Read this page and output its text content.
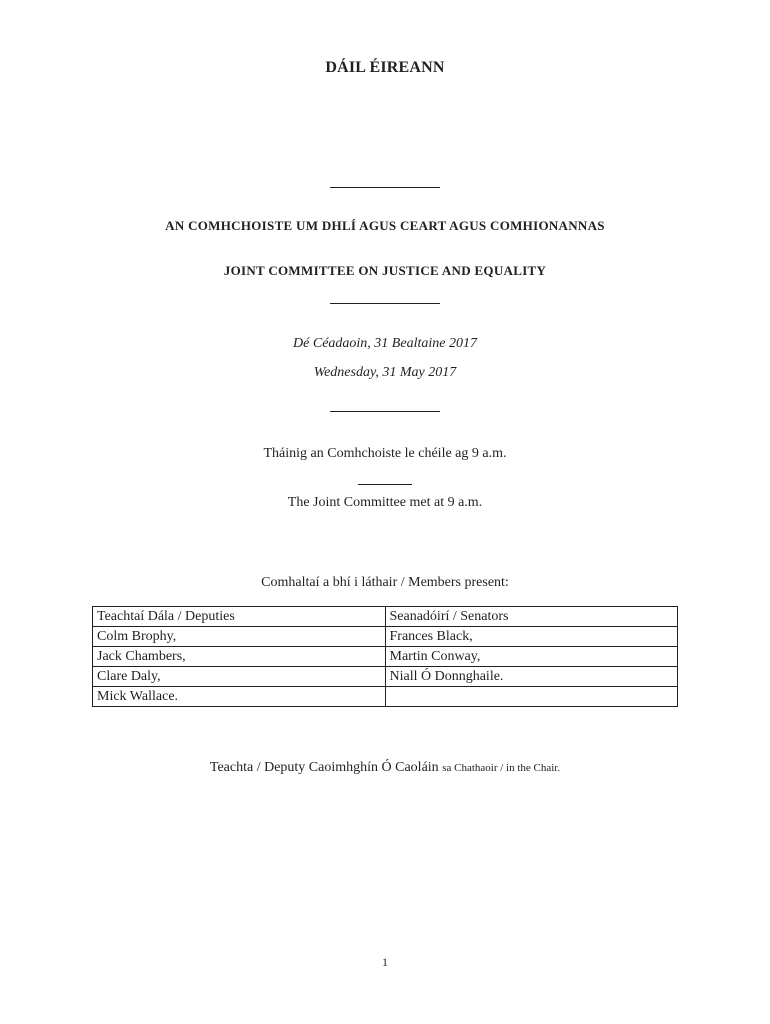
DÁIL ÉIREANN
AN COMHCHOISTE UM DHLÍ AGUS CEART AGUS COMHIONANNAS
JOINT COMMITTEE ON JUSTICE AND EQUALITY
Dé Céadaoin, 31 Bealtaine 2017
Wednesday, 31 May 2017
Tháinig an Comhchoiste le chéile ag 9 a.m.
The Joint Committee met at 9 a.m.
Comhaltaí a bhí i láthair / Members present:
Teachtaí Dála / Deputies	Seanadóirí / Senators
Colm Brophy,	Frances Black,
Jack Chambers,	Martin Conway,
Clare Daly,	Niall Ó Donnghaile.
Mick Wallace.	
Teachta / Deputy Caoimhghín Ó Caoláin sa Chathaoir / in the Chair.
1
